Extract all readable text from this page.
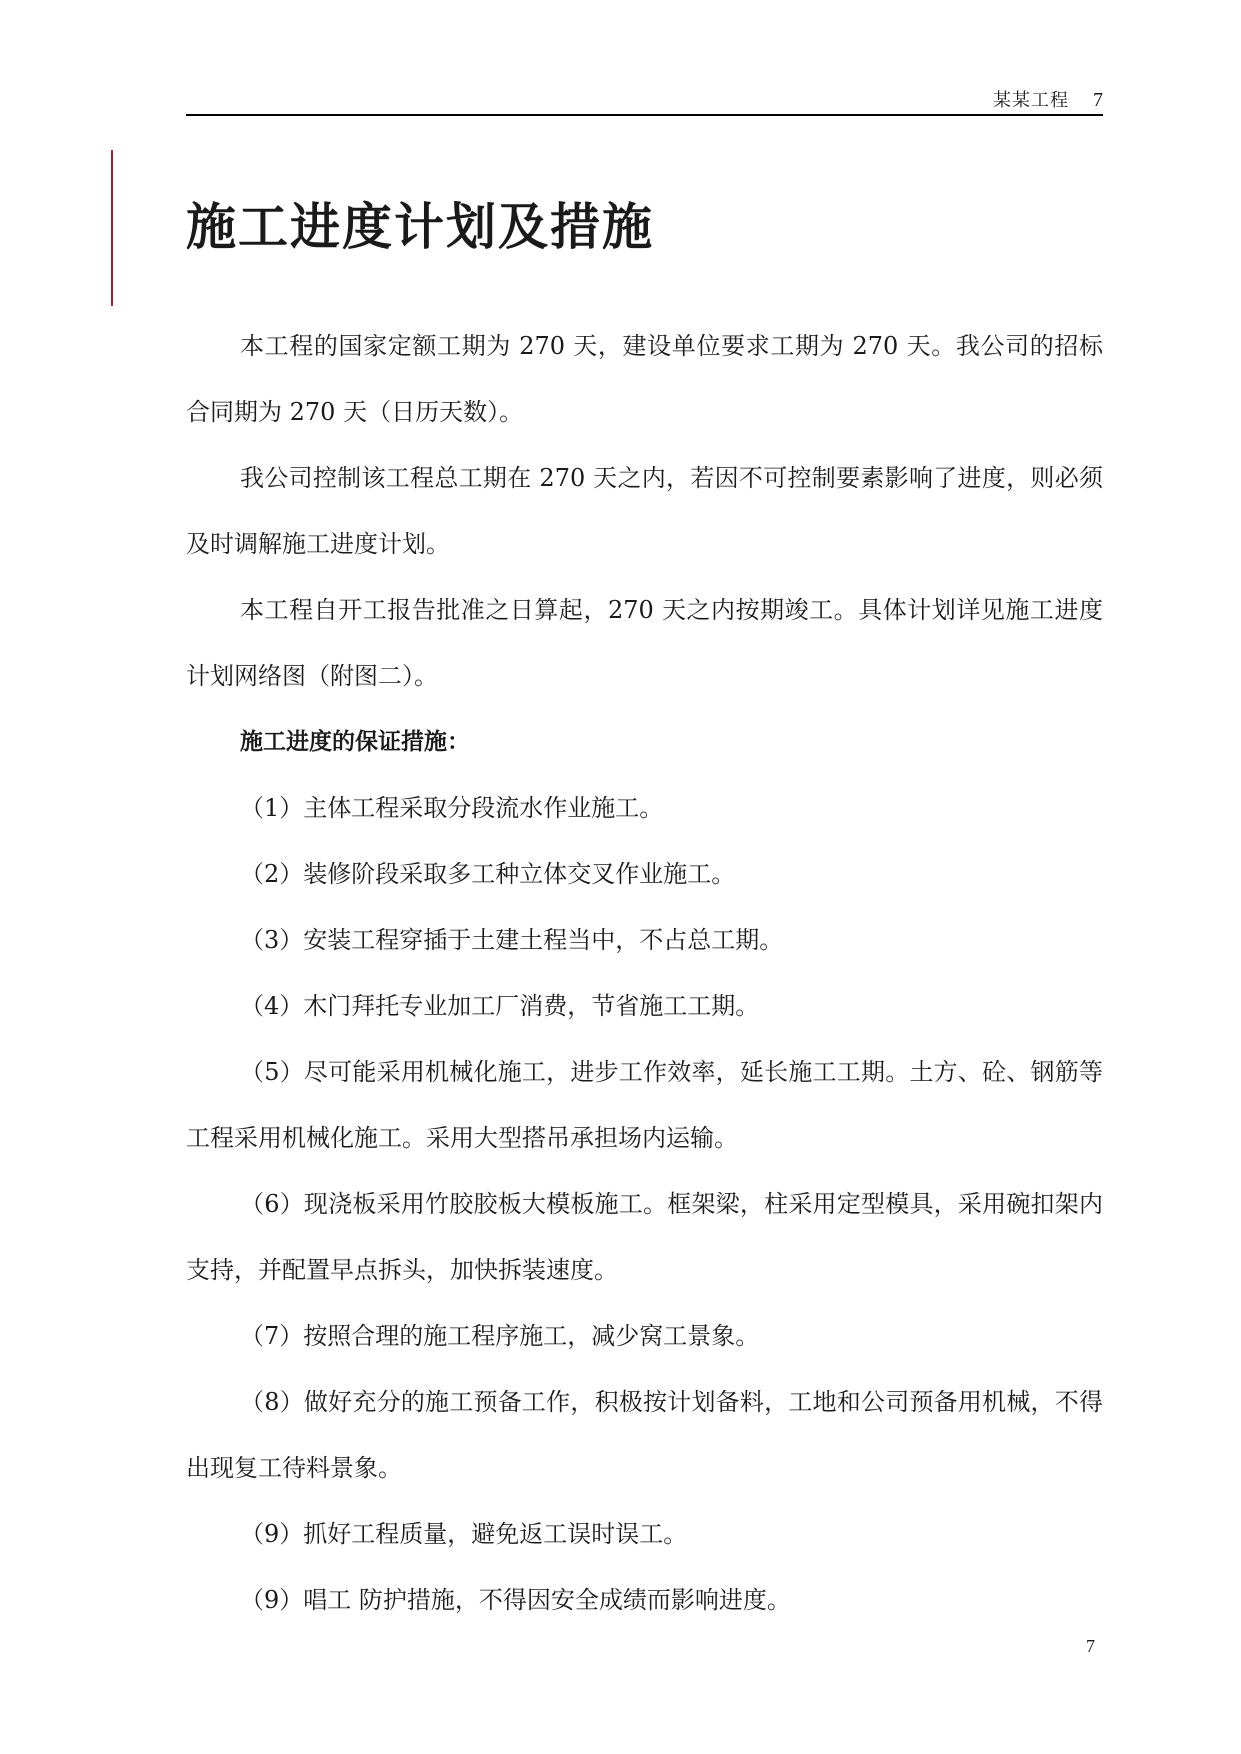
某某工程 7
施工进度计划及措施

本工程的国家定额工期为 270 天，建设单位要求工期为 270 天。我公司的招标合同期为 270 天（日历天数）。

我公司控制该工程总工期在 270 天之内，若因不可控制要素影响了进度，则必须及时调解施工进度计划。

本工程自开工报告批准之日算起，270 天之内按期竣工。具体计划详见施工进度计划网络图（附图二）。

施工进度的保证措施：

（1）主体工程采取分段流水作业施工。

（2）装修阶段采取多工种立体交叉作业施工。

（3）安装工程穿插于土建土程当中，不占总工期。

（4）木门拜托专业加工厂消费，节省施工工期。

（5）尽可能采用机械化施工，进步工作效率，延长施工工期。土方、砼、钢筋等工程采用机械化施工。采用大型搭吊承担场内运输。

（6）现浇板采用竹胶胶板大模板施工。框架梁，柱采用定型模具，采用碗扣架内支持，并配置早点拆头，加快拆装速度。

（7）按照合理的施工程序施工，减少窝工景象。

（8）做好充分的施工预备工作，积极按计划备料，工地和公司预备用机械，不得出现复工待料景象。

（9）抓好工程质量，避免返工误时误工。

（9）唱工 防护措施，不得因安全成绩而影响进度。

7
